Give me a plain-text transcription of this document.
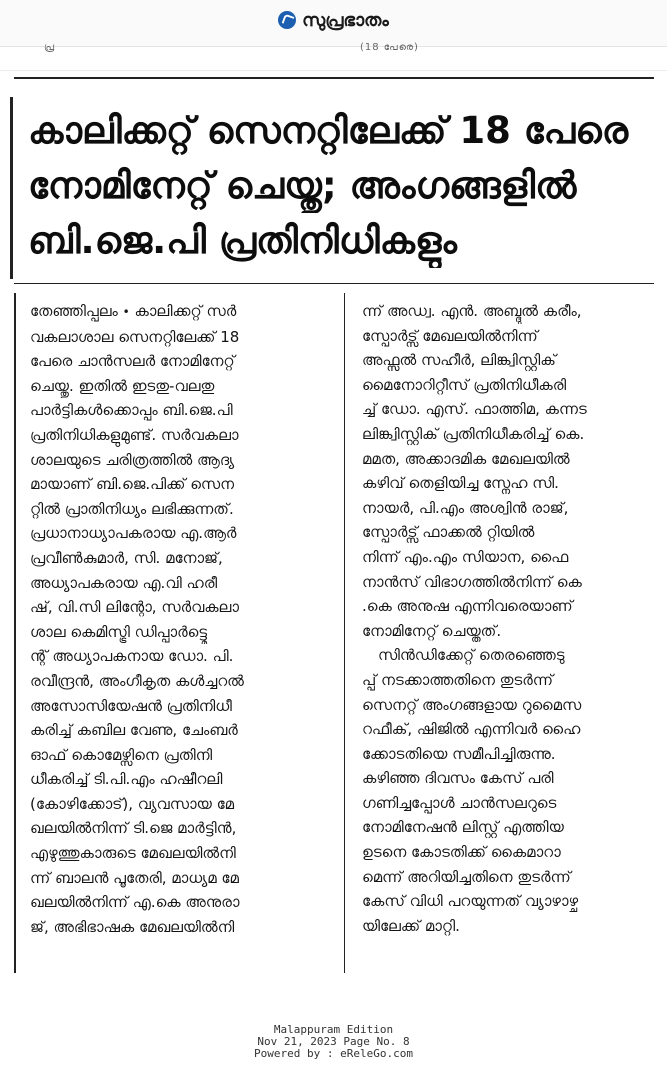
സുപ്രഭാതം
പ്ര	(18 പേരെ)
കാലിക്കറ്റ് സെനറ്റിലേക്ക് 18 പേരെ
നോമിനേറ്റ് ചെയ്തു; അംഗങ്ങളിൽ
ബി.ജെ.പി പ്രതിനിധികളും
തേഞ്ഞിപ്പലം • കാലിക്കറ്റ് സർ
വകലാശാല സെനറ്റിലേക്ക് 18
പേരെ ചാൻസലർ നോമിനേറ്റ്
ചെയ്തു. ഇതിൽ ഇടതു-വലതു
പാർട്ടികൾക്കൊപ്പം ബി.ജെ.പി
പ്രതിനിധികളുമുണ്ട്. സർവകലാ
ശാലയുടെ ചരിത്രത്തിൽ ആദ്യ
മായാണ് ബി.ജെ.പിക്ക് സെന
റ്റിൽ പ്രാതിനിധ്യം ലഭിക്കുന്നത്.
പ്രധാനാധ്യാപകരായ എ.ആർ
പ്രവീൺകുമാർ, സി. മനോജ്,
അധ്യാപകരായ എ.വി ഹരീ
ഷ്, വി.സി ലിന്റോ, സർവകലാ
ശാല കെമിസ്ട്രി ഡിപ്പാർട്ട്മെ
ന്റ് അധ്യാപകനായ ഡോ. പി.
രവീന്ദ്രൻ, അംഗീകൃത കൾച്ചറൽ
അസോസിയേഷൻ പ്രതിനിധീ
കരിച്ച് കബില വേണു, ചേംബർ
ഓഫ് കൊമേഴ്സിനെ പ്രതിനി
ധീകരിച്ച് ടി.പി.എം ഹഷീറലി
(കോഴിക്കോട്), വ്യവസായ മേ
ഖലയിൽനിന്ന് ടി.ജെ മാർട്ടിൻ,
എഴുത്തുകാരുടെ മേഖലയിൽനി
ന്ന് ബാലൻ പൂതേരി, മാധ്യമ മേ
ഖലയിൽനിന്ന് എ.കെ അനുരാ
ജ്, അഭിഭാഷക മേഖലയിൽനി
ന്ന് അഡ്വ. എൻ. അബ്ദുൽ കരീം,
സ്പോർട്സ് മേഖലയിൽനിന്ന്
അഫ്സൽ സഹീർ, ലിങ്ക്വിസ്റ്റിക്
മൈനോറിറ്റീസ് പ്രതിനിധീകരി
ച്ച് ഡോ. എസ്. ഫാത്തിമ, കന്നട
ലിങ്ക്വിസ്റ്റിക് പ്രതിനിധീകരിച്ച് കെ.
മമത, അക്കാദമിക മേഖലയിൽ
കഴിവ് തെളിയിച്ച സ്നേഹ സി.
നായർ, പി.എം അശ്വിൻ രാജ്,
സ്പോർട്സ് ഫാക്കൽ റ്റിയിൽ
നിന്ന് എം.എം സിയാന, ഫൈ
നാൻസ് വിഭാഗത്തിൽനിന്ന് കെ
.കെ അനുഷ എന്നിവരെയാണ്
നോമിനേറ്റ് ചെയ്തത്.
സിൻഡിക്കേറ്റ് തെരഞ്ഞെടു
പ്പ് നടക്കാത്തതിനെ തുടർന്ന്
സെനറ്റ് അംഗങ്ങളായ റുമൈസ
റഫീക്, ഷിജിൽ എന്നിവർ ഹൈ
ക്കോടതിയെ സമീപിച്ചിരുന്നു.
കഴിഞ്ഞ ദിവസം കേസ് പരി
ഗണിച്ചപ്പോൾ ചാൻസലറുടെ
നോമിനേഷൻ ലിസ്റ്റ് എത്തിയ
ഉടനെ കോടതിക്ക് കൈമാറാ
മെന്ന് അറിയിച്ചതിനെ തുടർന്ന്
കേസ് വിധി പറയുന്നത് വ്യാഴാഴ്ച
യിലേക്ക് മാറ്റി.
Malappuram Edition
Nov 21, 2023 Page No. 8
Powered by : eReleGo.com
